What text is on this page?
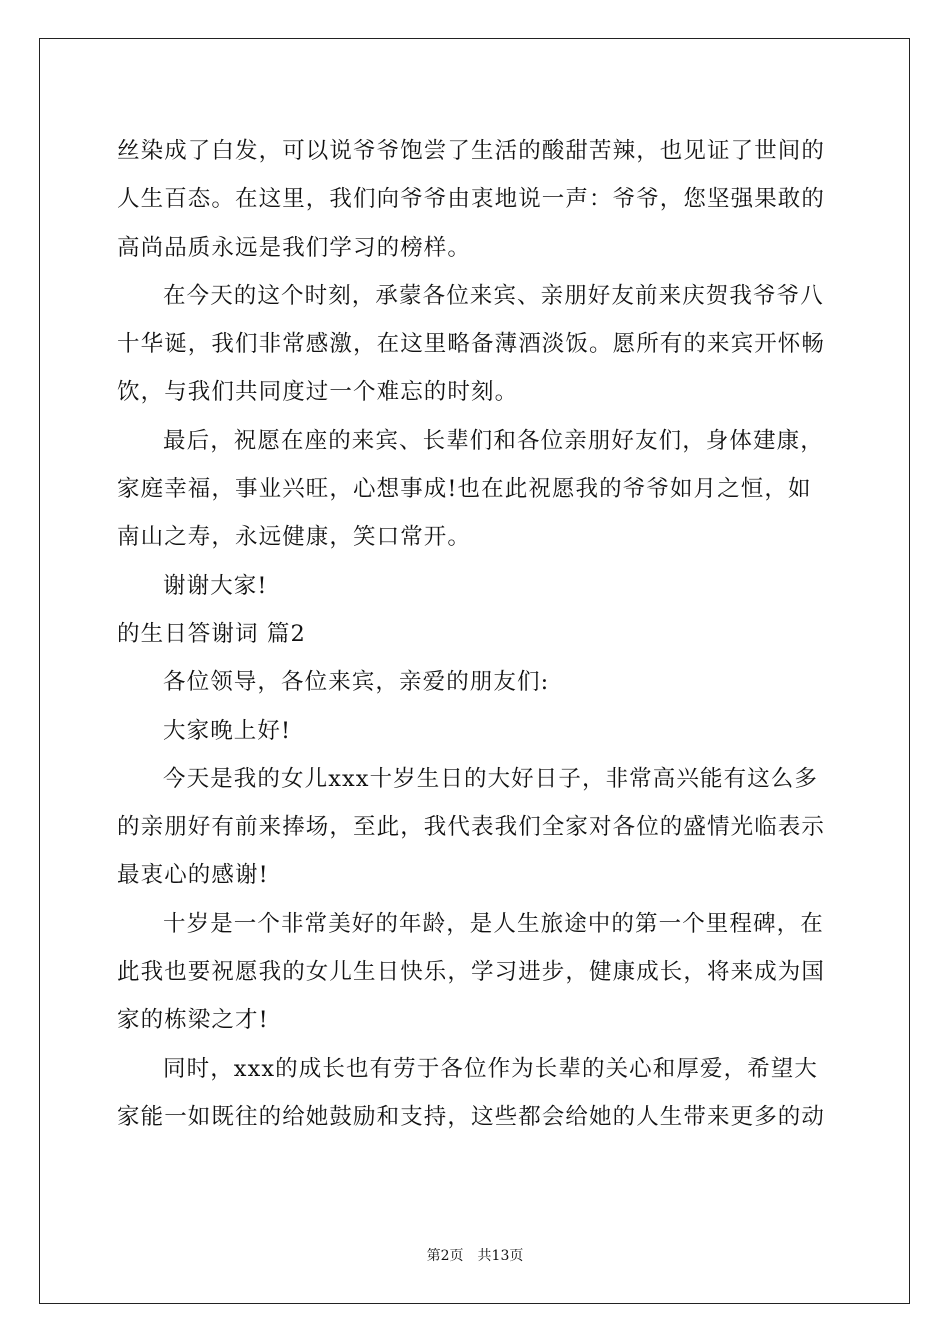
丝染成了白发，可以说爷爷饱尝了生活的酸甜苦辣，也见证了世间的
人生百态。在这里，我们向爷爷由衷地说一声：爷爷，您坚强果敢的
高尚品质永远是我们学习的榜样。
在今天的这个时刻，承蒙各位来宾、亲朋好友前来庆贺我爷爷八
十华诞，我们非常感激，在这里略备薄酒淡饭。愿所有的来宾开怀畅
饮，与我们共同度过一个难忘的时刻。
最后，祝愿在座的来宾、长辈们和各位亲朋好友们，身体建康，
家庭幸福，事业兴旺，心想事成!也在此祝愿我的爷爷如月之恒，如
南山之寿，永远健康，笑口常开。
谢谢大家!
的生日答谢词 篇2
各位领导，各位来宾，亲爱的朋友们:
大家晚上好!
今天是我的女儿xxx十岁生日的大好日子，非常高兴能有这么多
的亲朋好有前来捧场，至此，我代表我们全家对各位的盛情光临表示
最衷心的感谢!
十岁是一个非常美好的年龄，是人生旅途中的第一个里程碑，在
此我也要祝愿我的女儿生日快乐，学习进步，健康成长，将来成为国
家的栋梁之才!
同时，xxx的成长也有劳于各位作为长辈的关心和厚爱，希望大
家能一如既往的给她鼓励和支持，这些都会给她的人生带来更多的动
第2页 共13页
